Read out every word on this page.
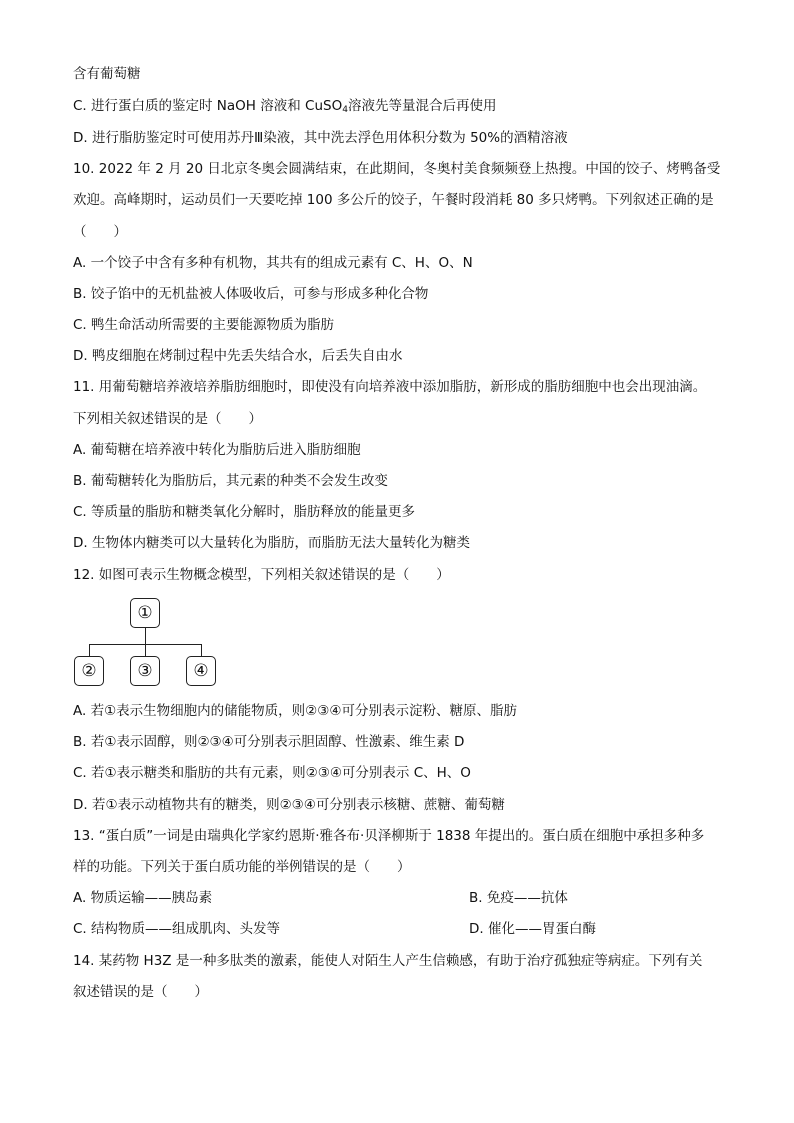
含有葡萄糖
C. 进行蛋白质的鉴定时 NaOH 溶液和 CuSO$_4$溶液先等量混合后再使用
D. 进行脂肪鉴定时可使用苏丹Ⅲ染液，其中洗去浮色用体积分数为 50%的酒精溶液
10. 2022 年 2 月 20 日北京冬奥会圆满结束，在此期间，冬奥村美食频频登上热搜。中国的饺子、烤鸭备受
欢迎。高峰期时，运动员们一天要吃掉 100 多公斤的饺子，午餐时段消耗 80 多只烤鸭。下列叙述正确的是
（　　）
A. 一个饺子中含有多种有机物，其共有的组成元素有 C、H、O、N
B. 饺子馅中的无机盐被人体吸收后，可参与形成多种化合物
C. 鸭生命活动所需要的主要能源物质为脂肪
D. 鸭皮细胞在烤制过程中先丢失结合水，后丢失自由水
11. 用葡萄糖培养液培养脂肪细胞时，即使没有向培养液中添加脂肪，新形成的脂肪细胞中也会出现油滴。
下列相关叙述错误的是（　　）
A. 葡萄糖在培养液中转化为脂肪后进入脂肪细胞
B. 葡萄糖转化为脂肪后，其元素的种类不会发生改变
C. 等质量的脂肪和糖类氧化分解时，脂肪释放的能量更多
D. 生物体内糖类可以大量转化为脂肪，而脂肪无法大量转化为糖类
12. 如图可表示生物概念模型，下列相关叙述错误的是（　　）
①
②	③	④
A. 若①表示生物细胞内的储能物质，则②③④可分别表示淀粉、糖原、脂肪
B. 若①表示固醇，则②③④可分别表示胆固醇、性激素、维生素 D
C. 若①表示糖类和脂肪的共有元素，则②③④可分别表示 C、H、O
D. 若①表示动植物共有的糖类，则②③④可分别表示核糖、蔗糖、葡萄糖
13. “蛋白质”一词是由瑞典化学家约恩斯·雅各布·贝泽柳斯于 1838 年提出的。蛋白质在细胞中承担多种多
样的功能。下列关于蛋白质功能的举例错误的是（　　）
A. 物质运输——胰岛素	B. 免疫——抗体
C. 结构物质——组成肌肉、头发等	D. 催化——胃蛋白酶
14. 某药物 H3Z 是一种多肽类的激素，能使人对陌生人产生信赖感，有助于治疗孤独症等病症。下列有关
叙述错误的是（　　）
